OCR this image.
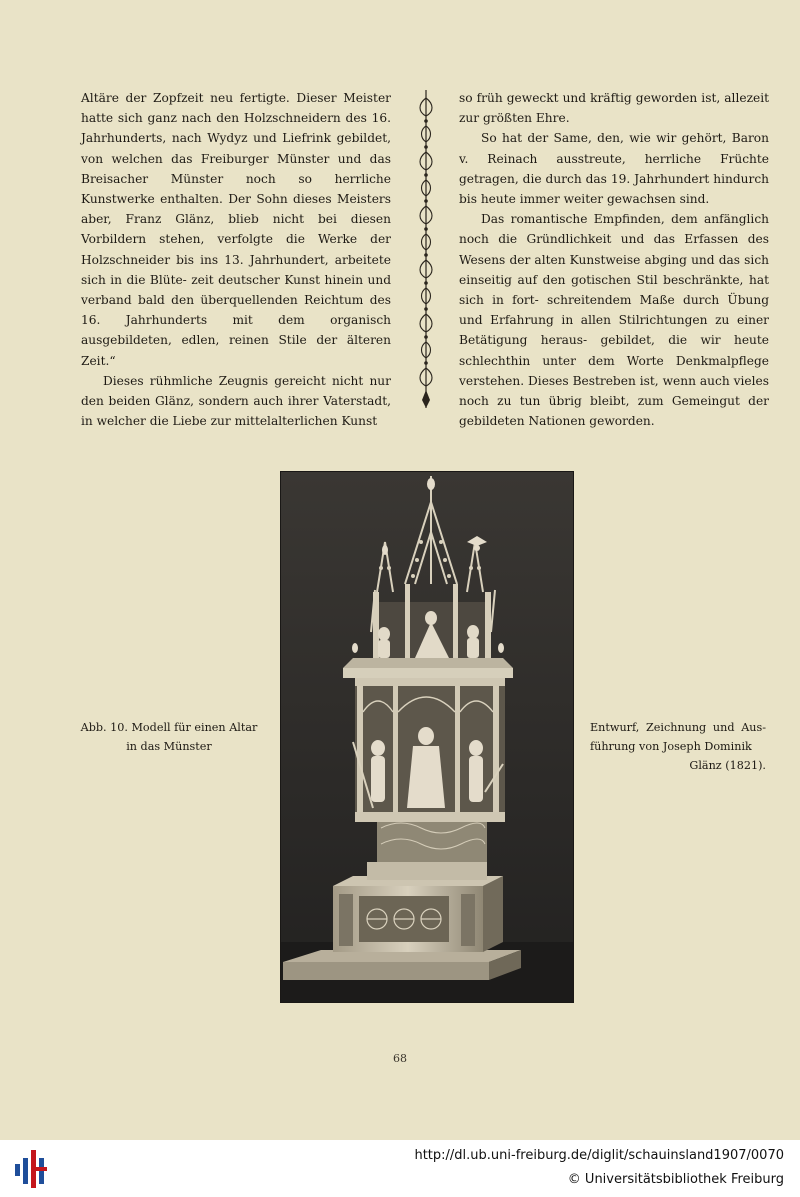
Altäre der Zopfzeit neu fertigte. Dieser Meister hatte sich ganz nach den Holzschneidern des 16. Jahrhunderts, nach Wydyz und Liefrink gebildet, von welchen das Freiburger Münster und das Breisacher Münster noch so herrliche Kunstwerke enthalten. Der Sohn dieses Meisters aber, Franz Glänz, blieb nicht bei diesen Vorbildern stehen, verfolgte die Werke der Holzschneider bis ins 13. Jahrhundert, arbeitete sich in die Blüte- zeit deutscher Kunst hinein und verband bald den überquellenden Reichtum des 16. Jahrhunderts mit dem organisch ausgebildeten, edlen, reinen Stile der älteren Zeit.“

Dieses rühmliche Zeugnis gereicht nicht nur den beiden Glänz, sondern auch ihrer Vaterstadt, in welcher die Liebe zur mittelalterlichen Kunst

so früh geweckt und kräftig geworden ist, allezeit zur größten Ehre.

So hat der Same, den, wie wir gehört, Baron v. Reinach ausstreute, herrliche Früchte getragen, die durch das 19. Jahrhundert hindurch bis heute immer weiter gewachsen sind.

Das romantische Empfinden, dem anfänglich noch die Gründlichkeit und das Erfassen des Wesens der alten Kunstweise abging und das sich einseitig auf den gotischen Stil beschränkte, hat sich in fort- schreitendem Maße durch Übung und Erfahrung in allen Stilrichtungen zu einer Betätigung heraus- gebildet, die wir heute schlechthin unter dem Worte Denkmalpflege verstehen. Dieses Bestreben ist, wenn auch vieles noch zu tun übrig bleibt, zum Gemeingut der gebildeten Nationen geworden.

Abb. 10. Modell für einen Altar in das Münster
Entwurf, Zeichnung und Aus- führung von Joseph Dominik
Glänz (1821).
68
http://dl.ub.uni-freiburg.de/diglit/schauinsland1907/0070
© Universitätsbibliothek Freiburg
